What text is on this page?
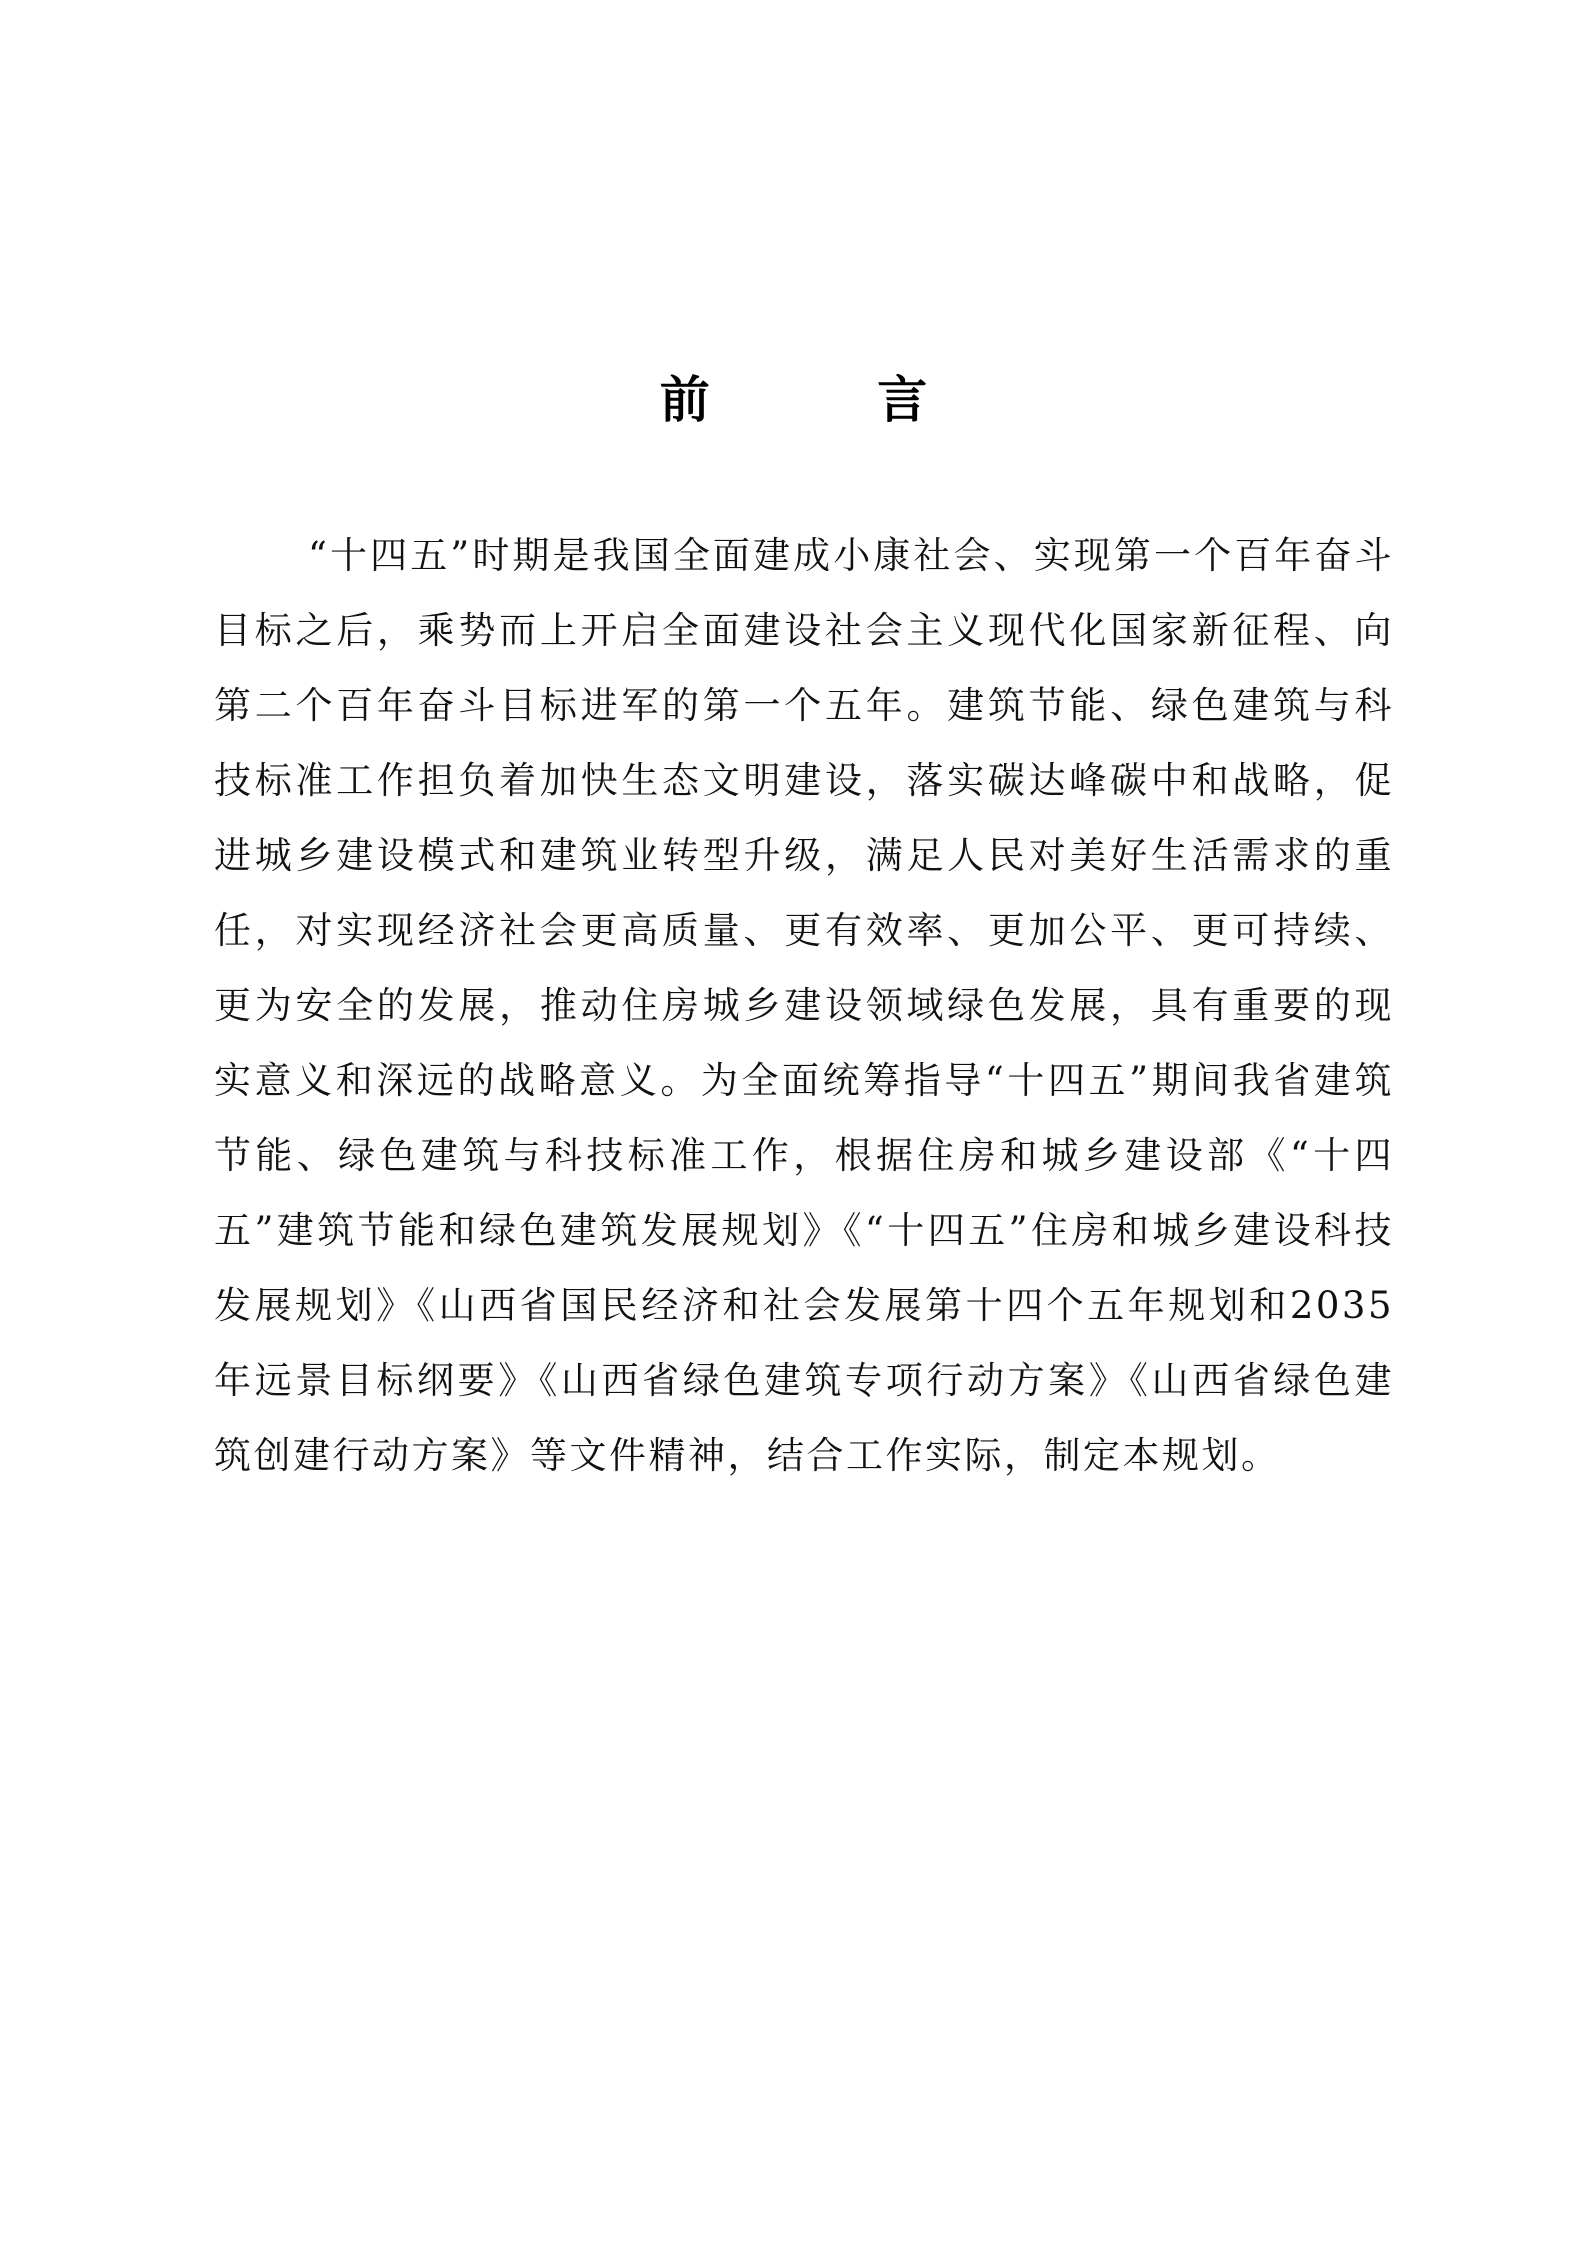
前 言

“十四五”时期是我国全面建成小康社会、实现第一个百年奋斗目标之后，乘势而上开启全面建设社会主义现代化国家新征程、向第二个百年奋斗目标进军的第一个五年。建筑节能、绿色建筑与科技标准工作担负着加快生态文明建设，落实碳达峰碳中和战略，促进城乡建设模式和建筑业转型升级，满足人民对美好生活需求的重任，对实现经济社会更高质量、更有效率、更加公平、更可持续、更为安全的发展，推动住房城乡建设领域绿色发展，具有重要的现实意义和深远的战略意义。为全面统筹指导“十四五”期间我省建筑节能、绿色建筑与科技标准工作，根据住房和城乡建设部《“十四五”建筑节能和绿色建筑发展规划》《“十四五”住房和城乡建设科技发展规划》《山西省国民经济和社会发展第十四个五年规划和2035年远景目标纲要》《山西省绿色建筑专项行动方案》《山西省绿色建筑创建行动方案》等文件精神，结合工作实际，制定本规划。
